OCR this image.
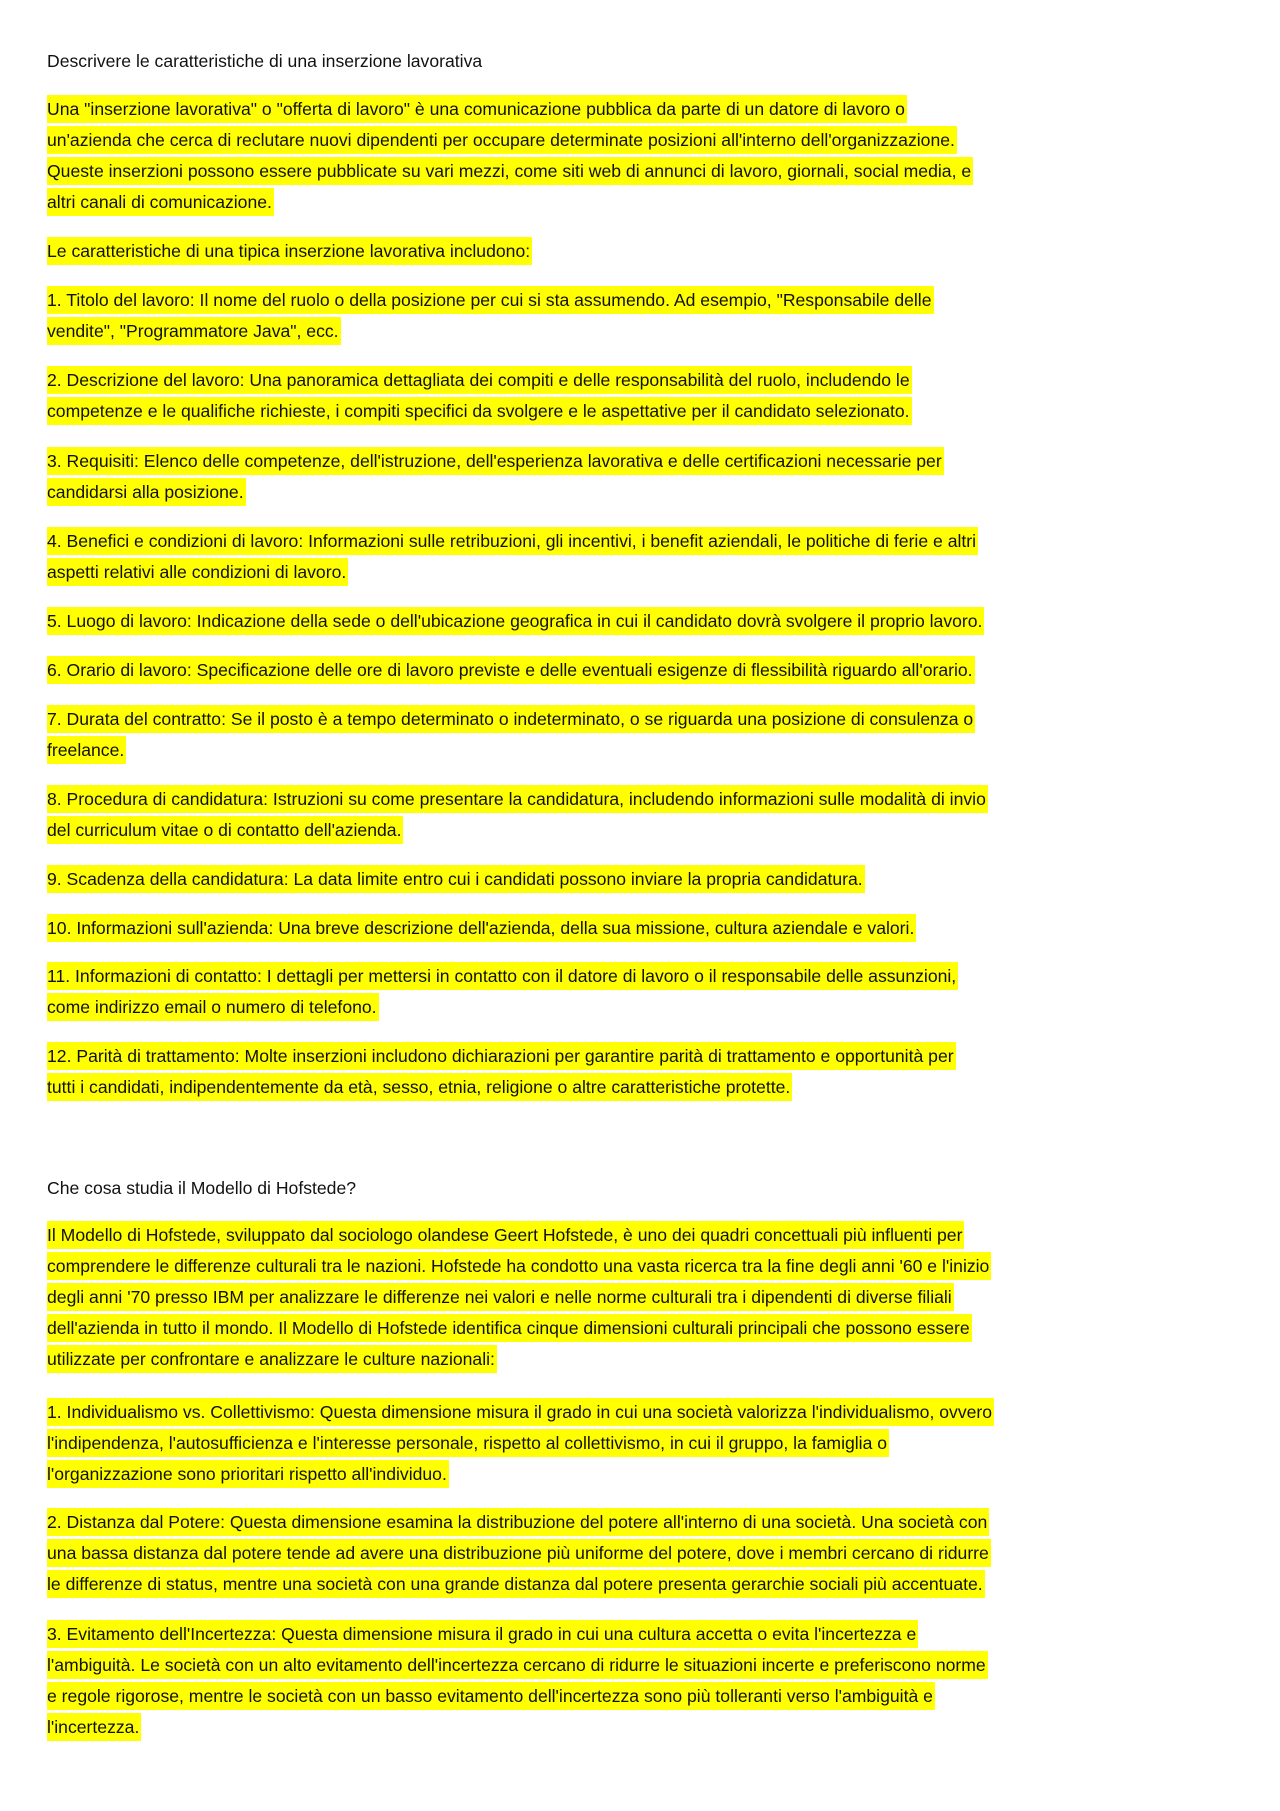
Descrivere le caratteristiche di una inserzione lavorativa
Una "inserzione lavorativa" o "offerta di lavoro" è una comunicazione pubblica da parte di un datore di lavoro o
un'azienda che cerca di reclutare nuovi dipendenti per occupare determinate posizioni all'interno dell'organizzazione.
Queste inserzioni possono essere pubblicate su vari mezzi, come siti web di annunci di lavoro, giornali, social media, e
altri canali di comunicazione.
Le caratteristiche di una tipica inserzione lavorativa includono:
1. Titolo del lavoro: Il nome del ruolo o della posizione per cui si sta assumendo. Ad esempio, "Responsabile delle
vendite", "Programmatore Java", ecc.
2. Descrizione del lavoro: Una panoramica dettagliata dei compiti e delle responsabilità del ruolo, includendo le
competenze e le qualifiche richieste, i compiti specifici da svolgere e le aspettative per il candidato selezionato.
3. Requisiti: Elenco delle competenze, dell'istruzione, dell'esperienza lavorativa e delle certificazioni necessarie per
candidarsi alla posizione.
4. Benefici e condizioni di lavoro: Informazioni sulle retribuzioni, gli incentivi, i benefit aziendali, le politiche di ferie e altri
aspetti relativi alle condizioni di lavoro.
5. Luogo di lavoro: Indicazione della sede o dell'ubicazione geografica in cui il candidato dovrà svolgere il proprio lavoro.
6. Orario di lavoro: Specificazione delle ore di lavoro previste e delle eventuali esigenze di flessibilità riguardo all'orario.
7. Durata del contratto: Se il posto è a tempo determinato o indeterminato, o se riguarda una posizione di consulenza o
freelance.
8. Procedura di candidatura: Istruzioni su come presentare la candidatura, includendo informazioni sulle modalità di invio
del curriculum vitae o di contatto dell'azienda.
9. Scadenza della candidatura: La data limite entro cui i candidati possono inviare la propria candidatura.
10. Informazioni sull'azienda: Una breve descrizione dell'azienda, della sua missione, cultura aziendale e valori.
11. Informazioni di contatto: I dettagli per mettersi in contatto con il datore di lavoro o il responsabile delle assunzioni,
come indirizzo email o numero di telefono.
12. Parità di trattamento: Molte inserzioni includono dichiarazioni per garantire parità di trattamento e opportunità per
tutti i candidati, indipendentemente da età, sesso, etnia, religione o altre caratteristiche protette.
Che cosa studia il Modello di Hofstede?
Il Modello di Hofstede, sviluppato dal sociologo olandese Geert Hofstede, è uno dei quadri concettuali più influenti per
comprendere le differenze culturali tra le nazioni. Hofstede ha condotto una vasta ricerca tra la fine degli anni '60 e l'inizio
degli anni '70 presso IBM per analizzare le differenze nei valori e nelle norme culturali tra i dipendenti di diverse filiali
dell'azienda in tutto il mondo. Il Modello di Hofstede identifica cinque dimensioni culturali principali che possono essere
utilizzate per confrontare e analizzare le culture nazionali:
1. Individualismo vs. Collettivismo: Questa dimensione misura il grado in cui una società valorizza l'individualismo, ovvero
l'indipendenza, l'autosufficienza e l'interesse personale, rispetto al collettivismo, in cui il gruppo, la famiglia o
l'organizzazione sono prioritari rispetto all'individuo.
2. Distanza dal Potere: Questa dimensione esamina la distribuzione del potere all'interno di una società. Una società con
una bassa distanza dal potere tende ad avere una distribuzione più uniforme del potere, dove i membri cercano di ridurre
le differenze di status, mentre una società con una grande distanza dal potere presenta gerarchie sociali più accentuate.
3. Evitamento dell'Incertezza: Questa dimensione misura il grado in cui una cultura accetta o evita l'incertezza e
l'ambiguità. Le società con un alto evitamento dell'incertezza cercano di ridurre le situazioni incerte e preferiscono norme
e regole rigorose, mentre le società con un basso evitamento dell'incertezza sono più tolleranti verso l'ambiguità e
l'incertezza.
